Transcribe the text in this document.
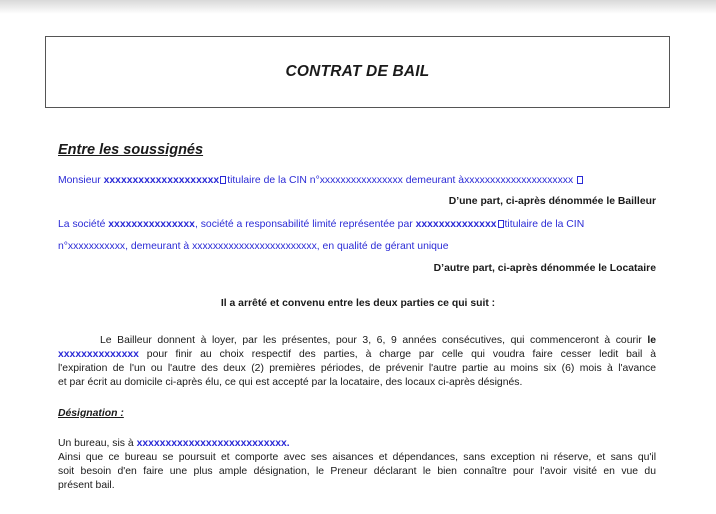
CONTRAT DE BAIL
Entre les soussignés
Monsieur xxxxxxxxxxxxxxxxxxxx titulaire de la CIN n°xxxxxxxxxxxxxxxx demeurant àxxxxxxxxxxxxxxxxxxxxx
D’une part, ci-après dénommée le Bailleur
La société xxxxxxxxxxxxxxx, société a responsabilité limité représentée par xxxxxxxxxxxxxx titulaire de la CIN
n°xxxxxxxxxxx, demeurant à xxxxxxxxxxxxxxxxxxxxxxxx, en qualité de gérant unique
D’autre part, ci-après dénommée le Locataire
Il a arrêté et convenu entre les deux parties ce qui suit :
Le Bailleur donnent à loyer, par les présentes, pour 3, 6, 9 années consécutives, qui commenceront à courir le
xxxxxxxxxxxxxx pour finir au choix respectif des parties, à charge par celle qui voudra faire cesser ledit bail à
l'expiration de l'un ou l'autre des deux (2) premières périodes, de prévenir l'autre partie au moins six (6) mois à l'avance
et par écrit au domicile ci-après élu, ce qui est accepté par la locataire, des locaux ci-après désignés.
Désignation :
Un bureau, sis à xxxxxxxxxxxxxxxxxxxxxxxxxx.
Ainsi que ce bureau se poursuit et comporte avec ses aisances et dépendances, sans exception ni réserve, et sans qu'il
soit besoin d'en faire une plus ample désignation, le Preneur déclarant le bien connaître pour l'avoir visité en vue du
présent bail.
